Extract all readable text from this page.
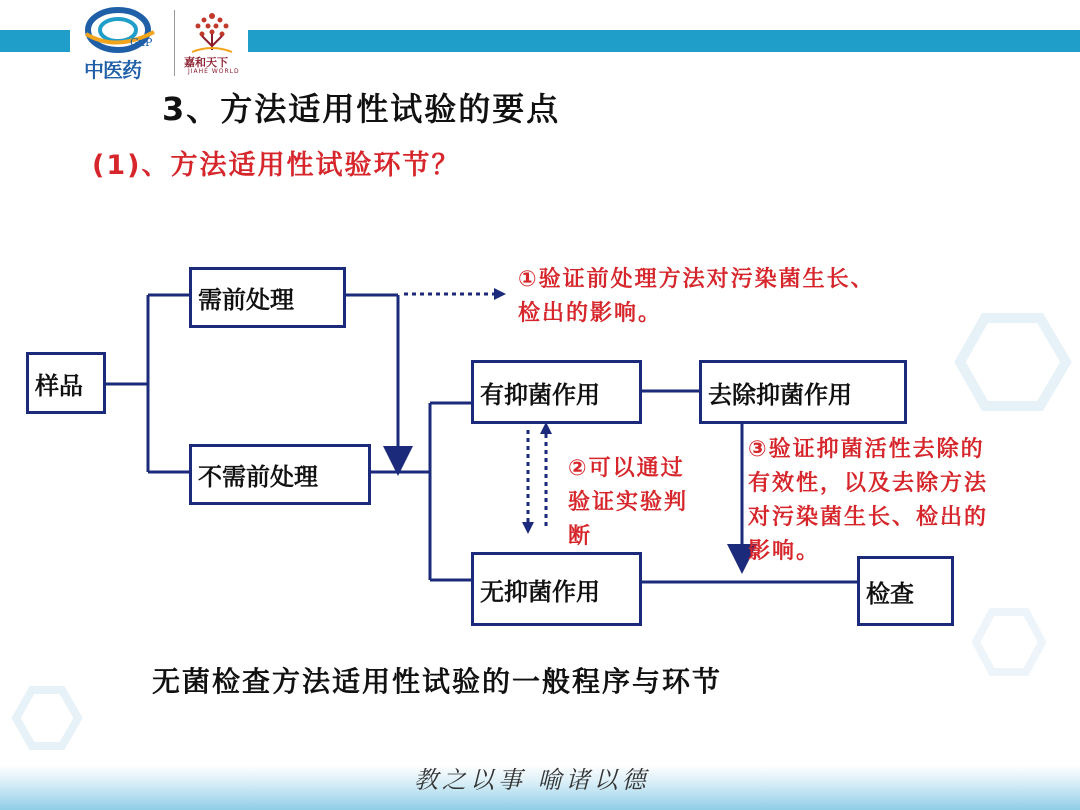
GxP
中医药	嘉和天下
JIAHE WORLD
3、方法适用性试验的要点
(1)、方法适用性试验环节？
样品
需前处理
不需前处理
有抑菌作用	去除抑菌作用
无抑菌作用	检查
①验证前处理方法对污染菌生长、
检出的影响。
②可以通过
验证实验判
断
③验证抑菌活性去除的
有效性，以及去除方法
对污染菌生长、检出的
影响。
无菌检查方法适用性试验的一般程序与环节
教之以事 喻诸以德
